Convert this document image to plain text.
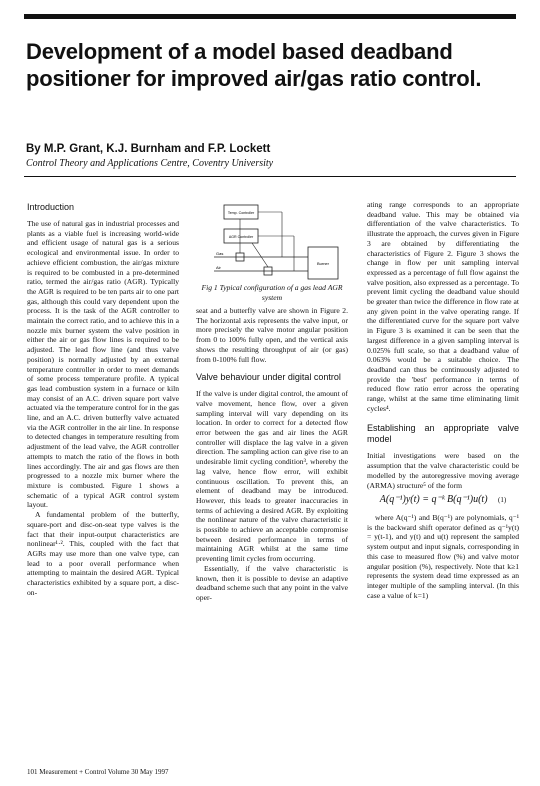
Development of a model based deadband positioner for improved air/gas ratio control.
By M.P. Grant, K.J. Burnham and F.P. Lockett
Control Theory and Applications Centre, Coventry University
Introduction

The use of natural gas in industrial processes and plants as a viable fuel is increasing world-wide and efficient usage of natural gas is a serious ecological and environmental issue. In order to achieve efficient combustion, the air/gas mixture is required to be combusted in a pre-determined ratio, termed the air/gas ratio (AGR). Typically the AGR is required to be ten parts air to one part gas, although this could vary dependent upon the process. It is the task of the AGR controller to maintain the correct ratio, and to achieve this in a nozzle mix burner system the valve position in either the air or gas flow lines is required to be adjusted. The lead flow line (and thus valve position) is normally adjusted by an external temperature controller in order to meet demands of some process temperature profile. A typical gas lead combustion system in a furnace or kiln may consist of an A.C. driven square port valve actuated via the temperature control for in the gas line, and an A.C. driven butterfly valve actuated via the AGR controller in the air line. In response to detected changes in temperature resulting from adjustment of the lead valve, the AGR controller attempts to match the ratio of the flows in both lines accordingly. The air and gas flows are then progressed to a nozzle mix burner where the mixture is combusted. Figure 1 shows a schematic of a typical AGR control system layout.

A fundamental problem of the butterfly, square-port and disc-on-seat type valves is the fact that their input-output characteristics are nonlinear¹·². This, coupled with the fact that AGRs may use more than one valve type, can lead to a poor overall performance when attempting to maintain the desired AGR. Typical characteristics exhibited by a square port, a disc-on-

Temp. Controller
AGR Controller
Gas
Air
Burner
Fig 1 Typical configuration of a gas lead AGR system

seat and a butterfly valve are shown in Figure 2. The horizontal axis represents the valve input, or more precisely the valve motor angular position from 0 to 100% fully open, and the vertical axis shows the resulting throughput of air (or gas) from 0-100% full flow.

Valve behaviour under digital control

If the valve is under digital control, the amount of valve movement, hence flow, over a given sampling interval will vary depending on its location. In order to correct for a detected flow error between the gas and air lines the AGR controller will displace the lag valve in a given direction. The sampling action can give rise to an undesirable limit cycling condition³, whereby the lag valve, hence flow error, will exhibit continuous oscillation. To prevent this, an element of deadband may be introduced. However, this leads to greater inaccuracies in terms of achieving a desired AGR. By exploiting the nonlinear nature of the valve characteristic it is possible to achieve an acceptable compromise between desired performance in terms of maintaining AGR whilst at the same time preventing limit cycles from occurring.

Essentially, if the valve characteristic is known, then it is possible to devise an adaptive deadband scheme such that any point in the valve oper-

ating range corresponds to an appropriate deadband value. This may be obtained via differentiation of the valve characteristics. To illustrate the approach, the curves given in Figure 3 are obtained by differentiating the characteristics of Figure 2. Figure 3 shows the change in flow per unit sampling interval expressed as a percentage of full flow against the valve position, also expressed as a percentage. To prevent limit cycling the deadband value should be greater than twice the difference in flow rate at any given point in the valve operating range. If the differentiated curve for the square port valve in Figure 3 is examined it can be seen that the largest difference in a given sampling interval is 0.025% full scale, so that a deadband value of 0.063% would be a suitable choice. The deadband can thus be continuously adjusted to provide the 'best' performance in terms of reduced flow ratio error across the operating range, whilst at the same time eliminating limit cycles⁴.

Establishing an appropriate valve model

Initial investigations were based on the assumption that the valve characteristic could be modelled by the autoregressive moving average (ARMA) structure⁵ of the form

A(q⁻¹)y(t) = q⁻ᵏ B(q⁻¹)u(t) (1)

where A(q⁻¹) and B(q⁻¹) are polynomials, q⁻¹ is the backward shift operator defined as q⁻¹y(t) = y(t-1), and y(t) and u(t) represent the sampled system output and input signals, corresponding in this case to measured flow (%) and valve motor angular position (%), respectively. Note that k≥1 represents the system dead time expressed as an integer multiple of the sampling interval. (In this case a value of k=1)

101 Measurement + Control Volume 30 May 1997
